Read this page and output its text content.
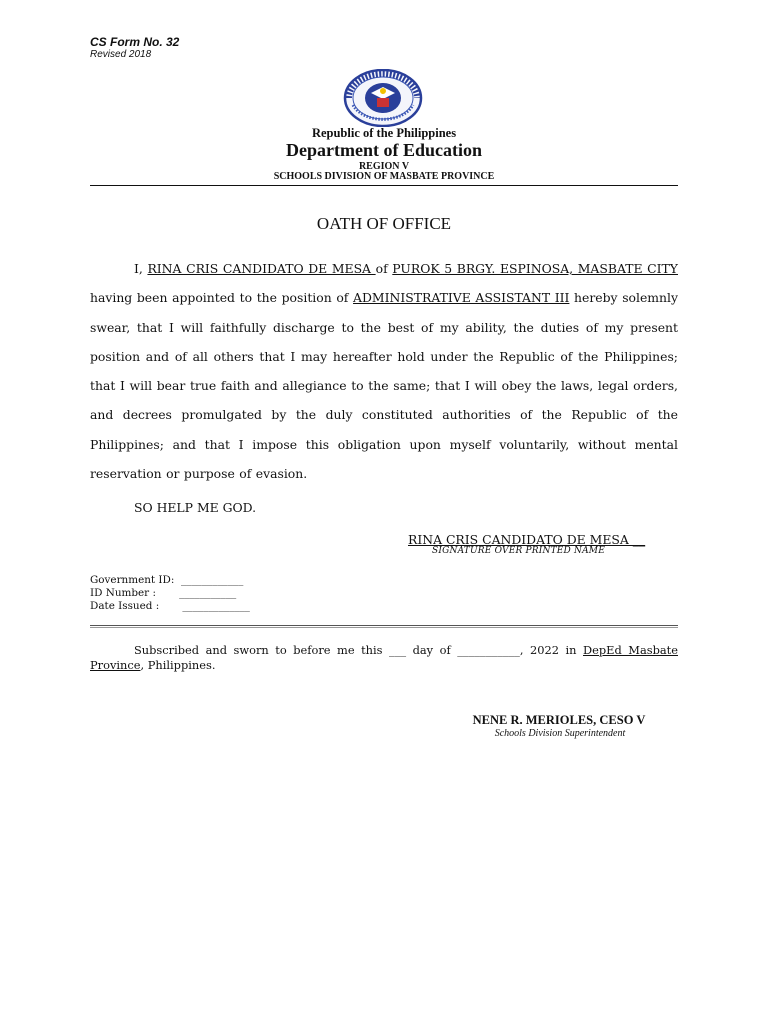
CS Form No. 32
Revised 2018
Republic of the Philippines
Department of Education
REGION V
SCHOOLS DIVISION OF MASBATE PROVINCE
OATH OF OFFICE
I, RINA CRIS CANDIDATO DE MESA of PUROK 5 BRGY. ESPINOSA, MASBATE CITY having been appointed to the position of ADMINISTRATIVE ASSISTANT III hereby solemnly swear, that I will faithfully discharge to the best of my ability, the duties of my present position and of all others that I may hereafter hold under the Republic of the Philippines; that I will bear true faith and allegiance to the same; that I will obey the laws, legal orders, and decrees promulgated by the duly constituted authorities of the Republic of the Philippines; and that I impose this obligation upon myself voluntarily, without mental reservation or purpose of evasion.
SO HELP ME GOD.
RINA CRIS CANDIDATO DE MESA __
SIGNATURE OVER PRINTED NAME
Government ID:  ____________
ID Number :       ___________
Date Issued :       _____________
Subscribed and sworn to before me this ___ day of ___________, 2022 in DepEd Masbate Province, Philippines.
NENE R. MERIOLES, CESO V
Schools Division Superintendent
